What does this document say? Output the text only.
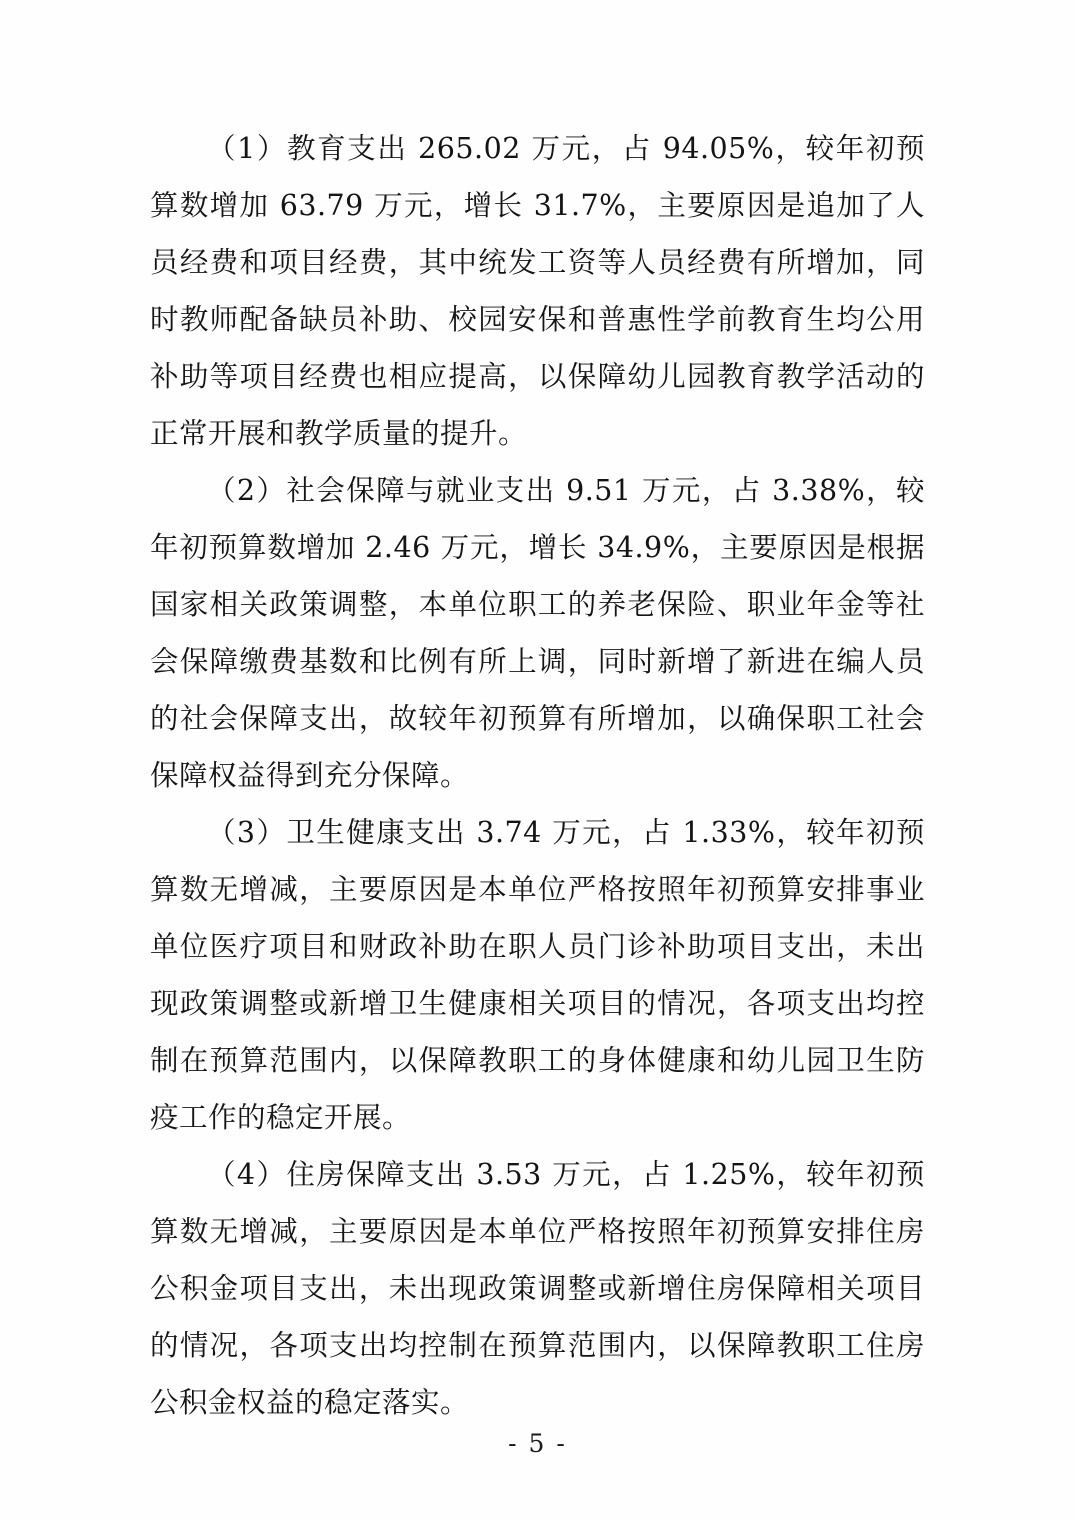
（1）教育支出 265.02 万元，占 94.05%，较年初预算数增加 63.79 万元，增长 31.7%，主要原因是追加了人员经费和项目经费，其中统发工资等人员经费有所增加，同时教师配备缺员补助、校园安保和普惠性学前教育生均公用补助等项目经费也相应提高，以保障幼儿园教育教学活动的正常开展和教学质量的提升。

（2）社会保障与就业支出 9.51 万元，占 3.38%，较年初预算数增加 2.46 万元，增长 34.9%，主要原因是根据国家相关政策调整，本单位职工的养老保险、职业年金等社会保障缴费基数和比例有所上调，同时新增了新进在编人员的社会保障支出，故较年初预算有所增加，以确保职工社会保障权益得到充分保障。

（3）卫生健康支出 3.74 万元，占 1.33%，较年初预算数无增减，主要原因是本单位严格按照年初预算安排事业单位医疗项目和财政补助在职人员门诊补助项目支出，未出现政策调整或新增卫生健康相关项目的情况，各项支出均控制在预算范围内，以保障教职工的身体健康和幼儿园卫生防疫工作的稳定开展。

（4）住房保障支出 3.53 万元，占 1.25%，较年初预算数无增减，主要原因是本单位严格按照年初预算安排住房公积金项目支出，未出现政策调整或新增住房保障相关项目的情况，各项支出均控制在预算范围内，以保障教职工住房公积金权益的稳定落实。

- 5 -
